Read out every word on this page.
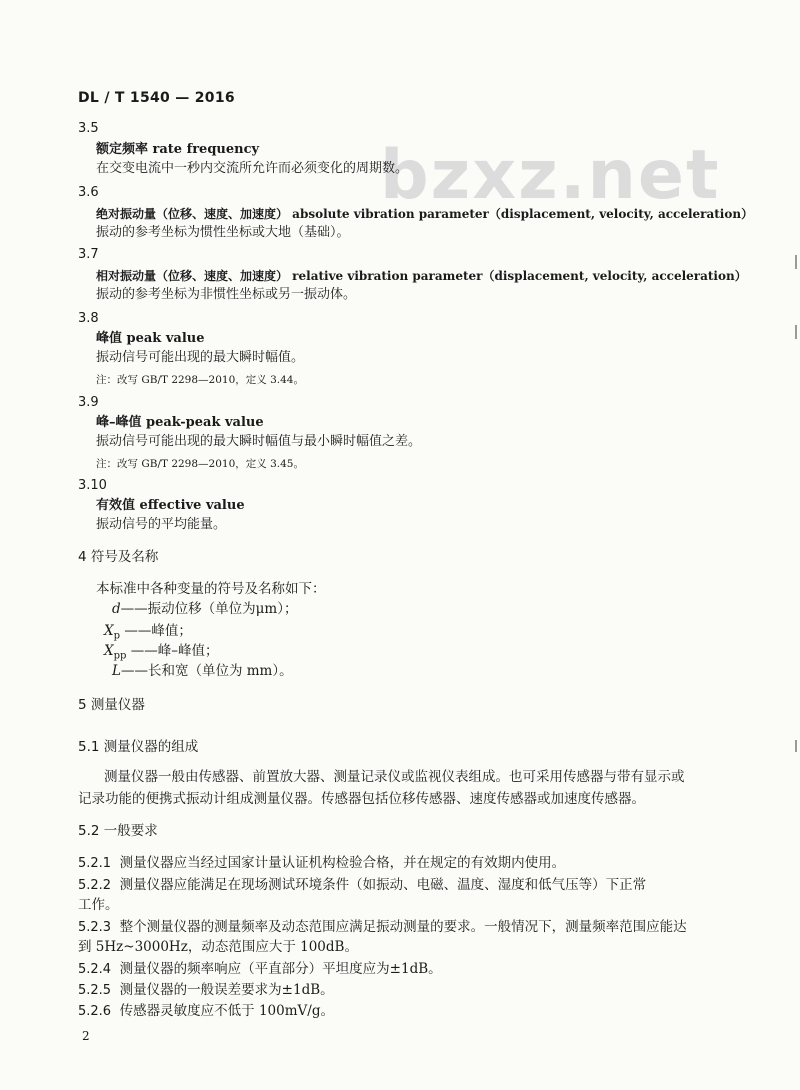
DL / T 1540 — 2016
bzxz.net
3.5
额定频率 rate frequency
在交变电流中一秒内交流所允许而必须变化的周期数。
3.6
绝对振动量（位移、速度、加速度） absolute vibration parameter（displacement, velocity, acceleration）
振动的参考坐标为惯性坐标或大地（基础）。
3.7
相对振动量（位移、速度、加速度） relative vibration parameter（displacement, velocity, acceleration）
振动的参考坐标为非惯性坐标或另一振动体。
3.8
峰值 peak value
振动信号可能出现的最大瞬时幅值。
注：改写 GB/T 2298—2010，定义 3.44。
3.9
峰–峰值 peak-peak value
振动信号可能出现的最大瞬时幅值与最小瞬时幅值之差。
注：改写 GB/T 2298—2010，定义 3.45。
3.10
有效值 effective value
振动信号的平均能量。
4 符号及名称
本标准中各种变量的符号及名称如下：
d——振动位移（单位为μm）；
$X_p$ ——峰值；
$X_{pp}$ ——峰–峰值；
L——长和宽（单位为 mm）。
5 测量仪器
5.1 测量仪器的组成
测量仪器一般由传感器、前置放大器、测量记录仪或监视仪表组成。也可采用传感器与带有显示或
记录功能的便携式振动计组成测量仪器。传感器包括位移传感器、速度传感器或加速度传感器。
5.2 一般要求
5.2.1 测量仪器应当经过国家计量认证机构检验合格，并在规定的有效期内使用。
5.2.2 测量仪器应能满足在现场测试环境条件（如振动、电磁、温度、湿度和低气压等）下正常
工作。
5.2.3 整个测量仪器的测量频率及动态范围应满足振动测量的要求。一般情况下，测量频率范围应能达
到 5Hz~3000Hz，动态范围应大于 100dB。
5.2.4 测量仪器的频率响应（平直部分）平坦度应为±1dB。
5.2.5 测量仪器的一般误差要求为±1dB。
5.2.6 传感器灵敏度应不低于 100mV/g。
2
